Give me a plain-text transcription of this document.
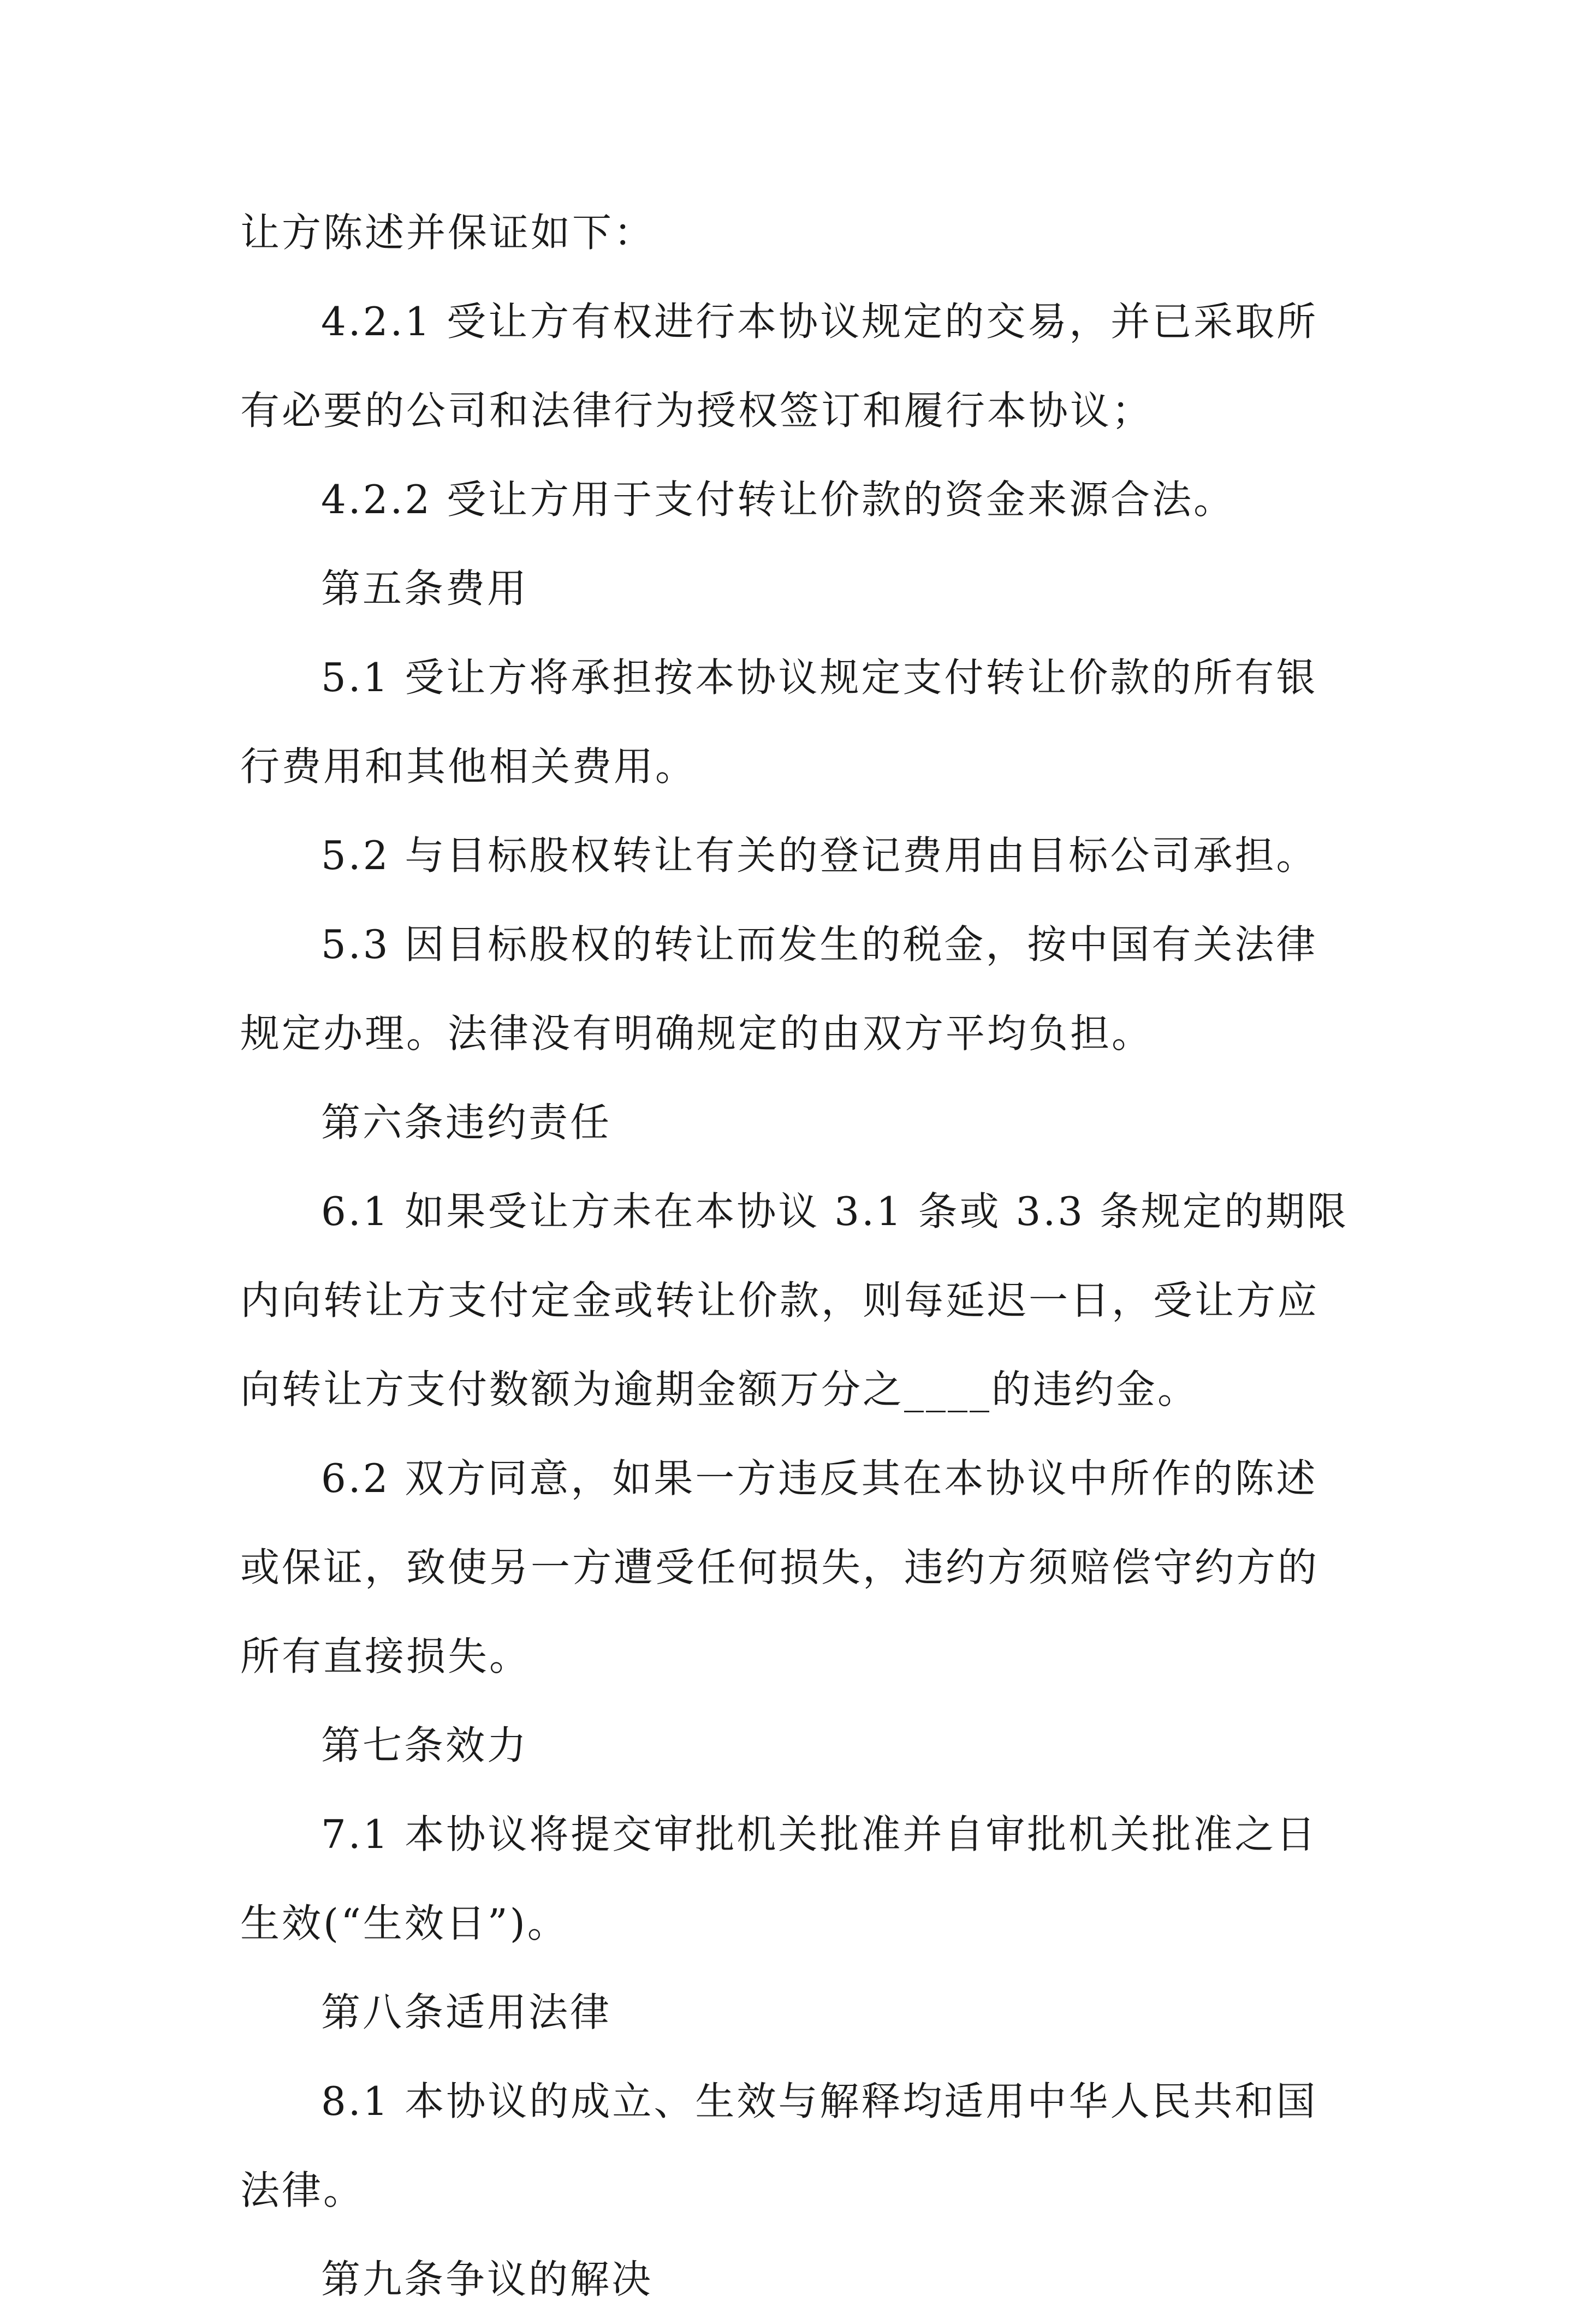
让方陈述并保证如下：
4.2.1 受让方有权进行本协议规定的交易，并已采取所
有必要的公司和法律行为授权签订和履行本协议；
4.2.2 受让方用于支付转让价款的资金来源合法。
第五条费用
5.1 受让方将承担按本协议规定支付转让价款的所有银
行费用和其他相关费用。
5.2 与目标股权转让有关的登记费用由目标公司承担。
5.3 因目标股权的转让而发生的税金，按中国有关法律
规定办理。法律没有明确规定的由双方平均负担。
第六条违约责任
6.1 如果受让方未在本协议 3.1 条或 3.3 条规定的期限
内向转让方支付定金或转让价款，则每延迟一日，受让方应
向转让方支付数额为逾期金额万分之____的违约金。
6.2 双方同意，如果一方违反其在本协议中所作的陈述
或保证，致使另一方遭受任何损失，违约方须赔偿守约方的
所有直接损失。
第七条效力
7.1 本协议将提交审批机关批准并自审批机关批准之日
生效(“生效日”)。
第八条适用法律
8.1 本协议的成立、生效与解释均适用中华人民共和国
法律。
第九条争议的解决
